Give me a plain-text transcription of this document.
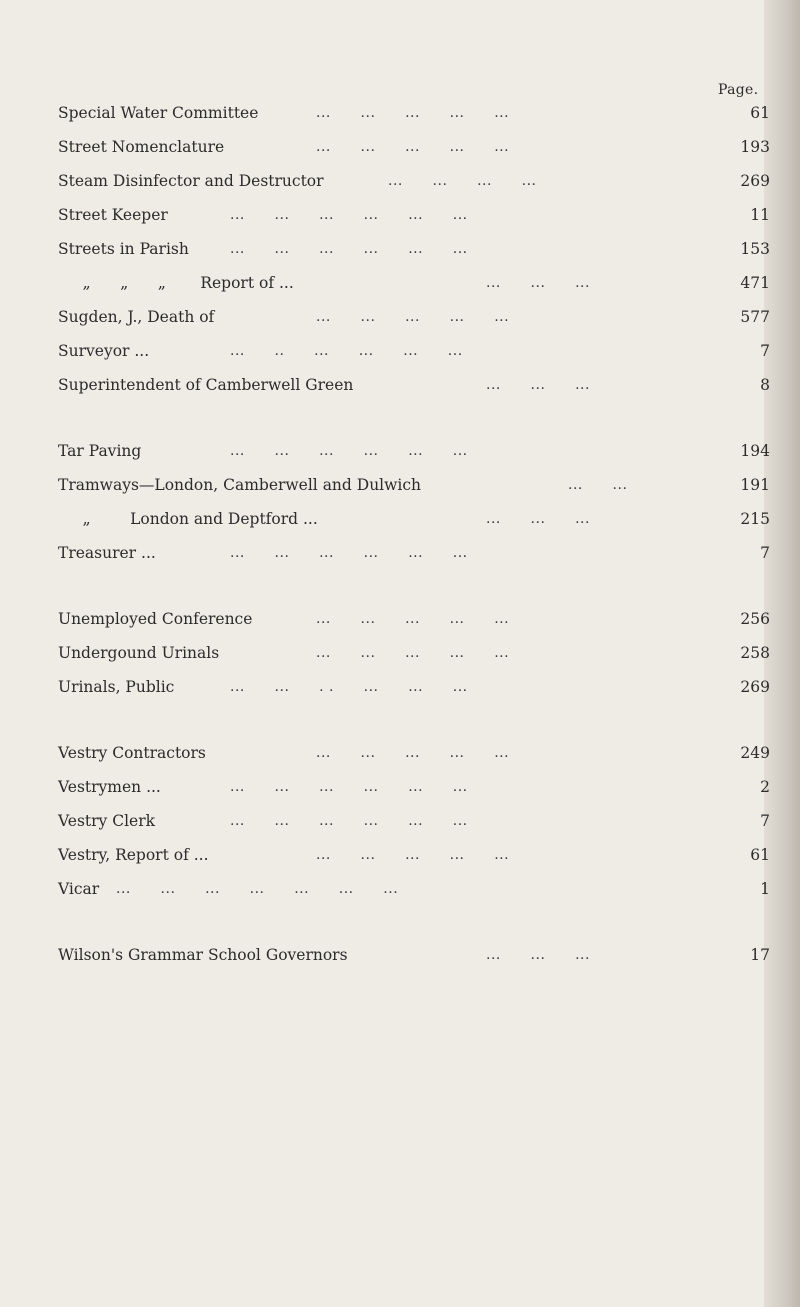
Page.
Special Water Committee	...      ...      ...      ...      ...	61
Street Nomenclature	...      ...      ...      ...      ...	193
Steam Disinfector and Destructor	...      ...      ...      ...	269
Street Keeper	...      ...      ...      ...      ...      ...	11
Streets in Parish	...      ...      ...      ...      ...      ...	153
„      „      „       Report of ...	...      ...      ...	471
Sugden, J., Death of	...      ...      ...      ...      ...	577
Surveyor ...	...      ..      ...      ...      ...      ...	7
Superintendent of Camberwell Green	...      ...      ...	8
Tar Paving	...      ...      ...      ...      ...      ...	194
Tramways—London, Camberwell and Dulwich	...      ...	191
„        London and Deptford ...	...      ...      ...	215
Treasurer ...	...      ...      ...      ...      ...      ...	7
Unemployed Conference	...      ...      ...      ...      ...	256
Undergound Urinals	...      ...      ...      ...      ...	258
Urinals, Public	...      ...      . .      ...      ...      ...	269
Vestry Contractors	...      ...      ...      ...      ...	249
Vestrymen ...	...      ...      ...      ...      ...      ...	2
Vestry Clerk	...      ...      ...      ...      ...      ...	7
Vestry, Report of ...	...      ...      ...      ...      ...	61
Vicar ...      ...      ...      ...      ...      ...      ...	1
Wilson's Grammar School Governors	...      ...      ...	17
